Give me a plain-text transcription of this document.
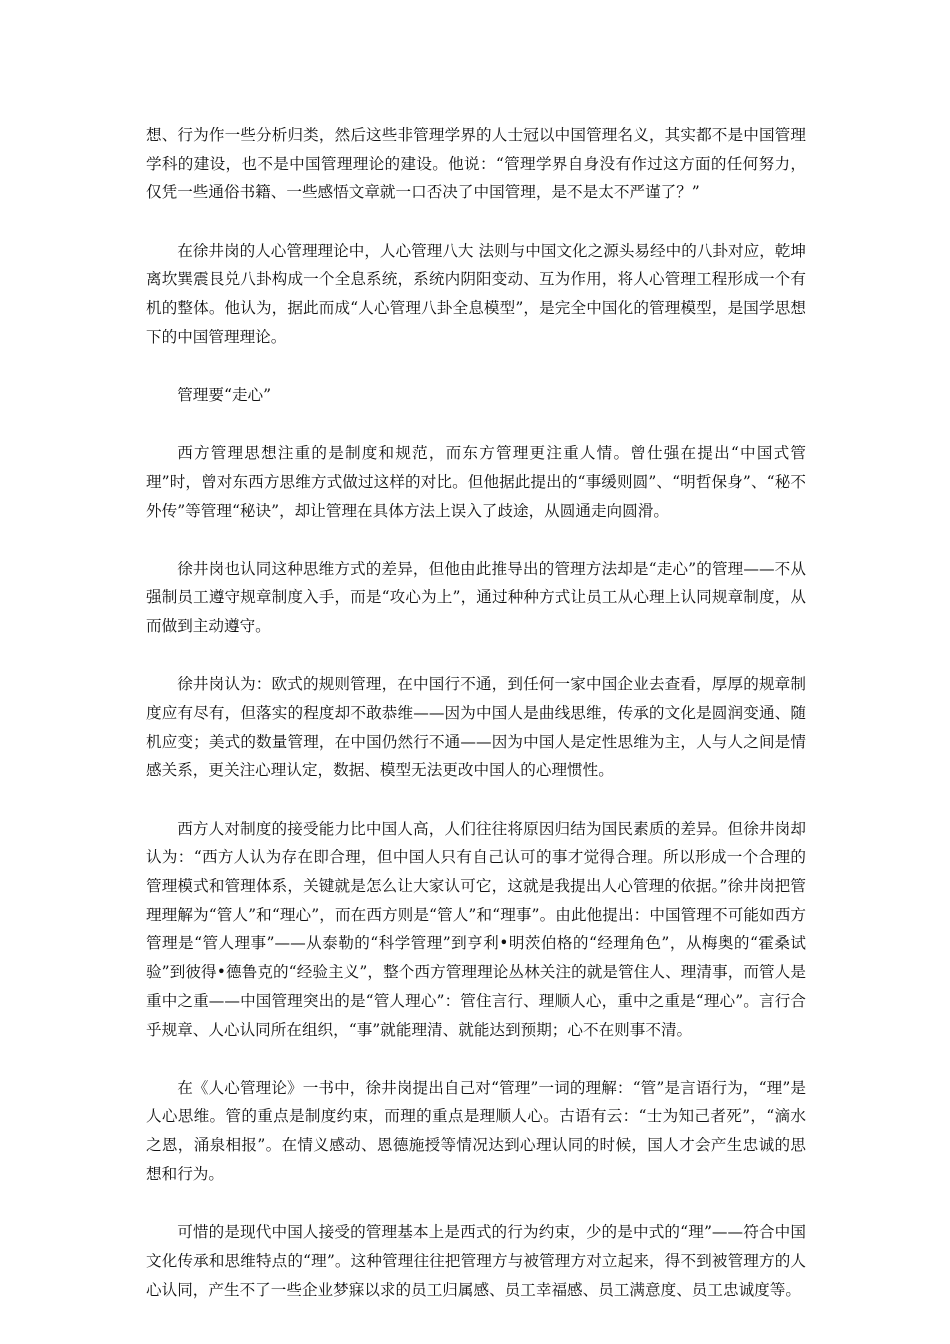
想、行为作一些分析归类，然后这些非管理学界的人士冠以中国管理名义，其实都不是中国管理学科的建设，也不是中国管理理论的建设。他说：“管理学界自身没有作过这方面的任何努力，仅凭一些通俗书籍、一些感悟文章就一口否决了中国管理，是不是太不严谨了？”

在徐井岗的人心管理理论中，人心管理八大 法则与中国文化之源头易经中的八卦对应，乾坤离坎巽震艮兑八卦构成一个全息系统，系统内阴阳变动、互为作用，将人心管理工程形成一个有机的整体。他认为，据此而成“人心管理八卦全息模型”，是完全中国化的管理模型，是国学思想下的中国管理理论。

管理要“走心”

西方管理思想注重的是制度和规范，而东方管理更注重人情。曾仕强在提出“中国式管理”时，曾对东西方思维方式做过这样的对比。但他据此提出的“事缓则圆”、“明哲保身”、“秘不外传”等管理“秘诀”，却让管理在具体方法上误入了歧途，从圆通走向圆滑。

徐井岗也认同这种思维方式的差异，但他由此推导出的管理方法却是“走心”的管理——不从强制员工遵守规章制度入手，而是“攻心为上”，通过种种方式让员工从心理上认同规章制度，从而做到主动遵守。

徐井岗认为：欧式的规则管理，在中国行不通，到任何一家中国企业去查看，厚厚的规章制度应有尽有，但落实的程度却不敢恭维——因为中国人是曲线思维，传承的文化是圆润变通、随机应变；美式的数量管理，在中国仍然行不通——因为中国人是定性思维为主，人与人之间是情感关系，更关注心理认定，数据、模型无法更改中国人的心理惯性。

西方人对制度的接受能力比中国人高，人们往往将原因归结为国民素质的差异。但徐井岗却认为：“西方人认为存在即合理，但中国人只有自己认可的事才觉得合理。所以形成一个合理的管理模式和管理体系，关键就是怎么让大家认可它，这就是我提出人心管理的依据。”徐井岗把管理理解为“管人”和“理心”，而在西方则是“管人”和“理事”。由此他提出：中国管理不可能如西方管理是“管人理事”——从泰勒的“科学管理”到亨利•明茨伯格的“经理角色”，从梅奥的“霍桑试验”到彼得•德鲁克的“经验主义”，整个西方管理理论丛林关注的就是管住人、理清事，而管人是重中之重——中国管理突出的是“管人理心”：管住言行、理顺人心，重中之重是“理心”。言行合乎规章、人心认同所在组织，“事”就能理清、就能达到预期；心不在则事不清。

在《人心管理论》一书中，徐井岗提出自己对“管理”一词的理解：“管”是言语行为，“理”是人心思维。管的重点是制度约束，而理的重点是理顺人心。古语有云：“士为知己者死”，“滴水之恩，涌泉相报”。在情义感动、恩德施授等情况达到心理认同的时候，国人才会产生忠诚的思想和行为。

可惜的是现代中国人接受的管理基本上是西式的行为约束，少的是中式的“理”——符合中国文化传承和思维特点的“理”。这种管理往往把管理方与被管理方对立起来，得不到被管理方的人心认同，产生不了一些企业梦寐以求的员工归属感、员工幸福感、员工满意度、员工忠诚度等。
